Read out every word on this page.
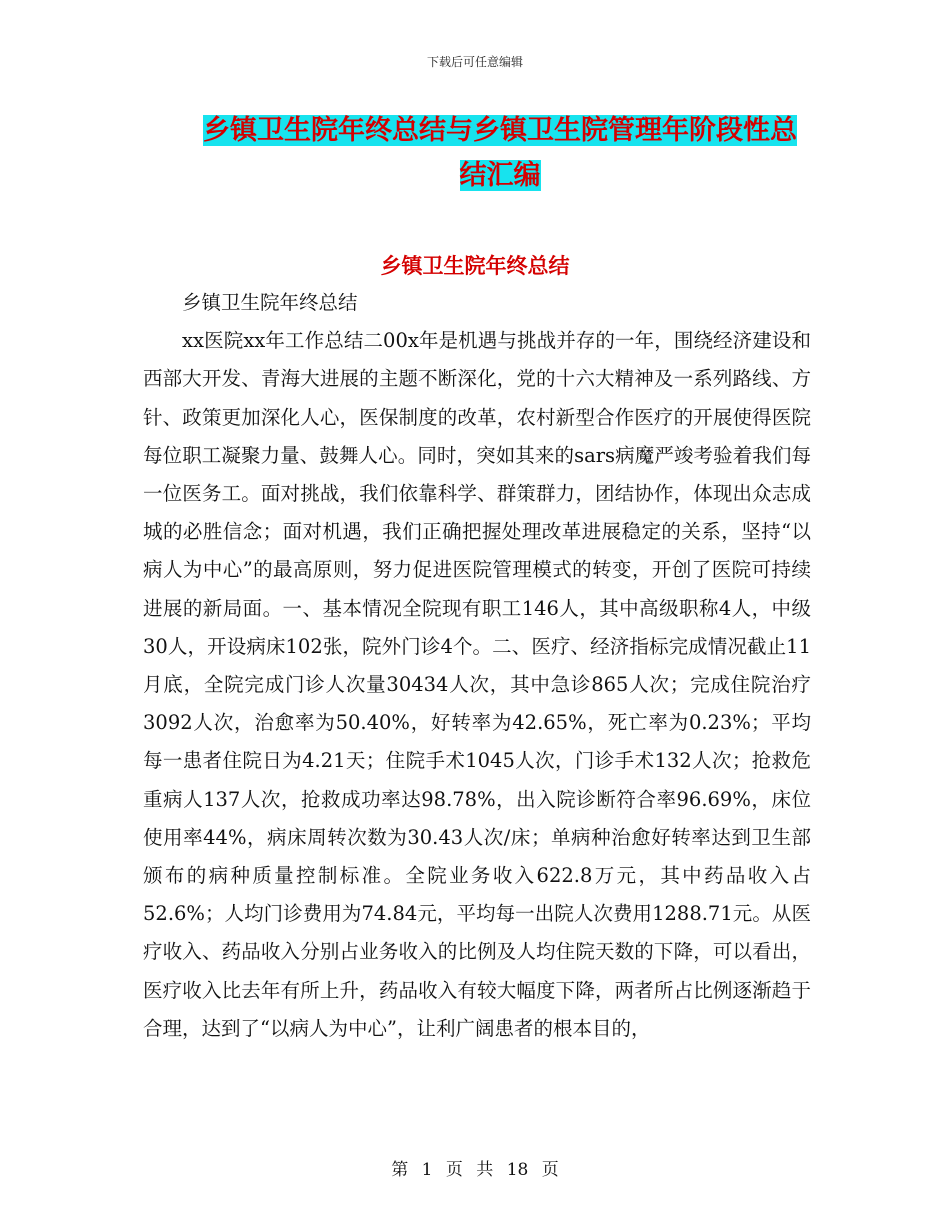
下载后可任意编辑
乡镇卫生院年终总结与乡镇卫生院管理年阶段性总结汇编
乡镇卫生院年终总结

乡镇卫生院年终总结

xx医院xx年工作总结二00x年是机遇与挑战并存的一年，围绕经济建设和西部大开发、青海大进展的主题不断深化，党的十六大精神及一系列路线、方针、政策更加深化人心，医保制度的改革，农村新型合作医疗的开展使得医院每位职工凝聚力量、鼓舞人心。同时，突如其来的sars病魔严竣考验着我们每一位医务工。面对挑战，我们依靠科学、群策群力，团结协作，体现出众志成城的必胜信念；面对机遇，我们正确把握处理改革进展稳定的关系，坚持“以病人为中心”的最高原则，努力促进医院管理模式的转变，开创了医院可持续进展的新局面。一、基本情况全院现有职工146人，其中高级职称4人，中级30人，开设病床102张，院外门诊4个。二、医疗、经济指标完成情况截止11月底，全院完成门诊人次量30434人次，其中急诊865人次；完成住院治疗3092人次，治愈率为50.40%，好转率为42.65%，死亡率为0.23%；平均每一患者住院日为4.21天；住院手术1045人次，门诊手术132人次；抢救危重病人137人次，抢救成功率达98.78%，出入院诊断符合率96.69%，床位使用率44%，病床周转次数为30.43人次/床；单病种治愈好转率达到卫生部颁布的病种质量控制标准。全院业务收入622.8万元，其中药品收入占52.6%；人均门诊费用为74.84元，平均每一出院人次费用1288.71元。从医疗收入、药品收入分别占业务收入的比例及人均住院天数的下降，可以看出，医疗收入比去年有所上升，药品收入有较大幅度下降，两者所占比例逐渐趋于合理，达到了“以病人为中心”，让利广阔患者的根本目的，

第 1 页 共 18 页
